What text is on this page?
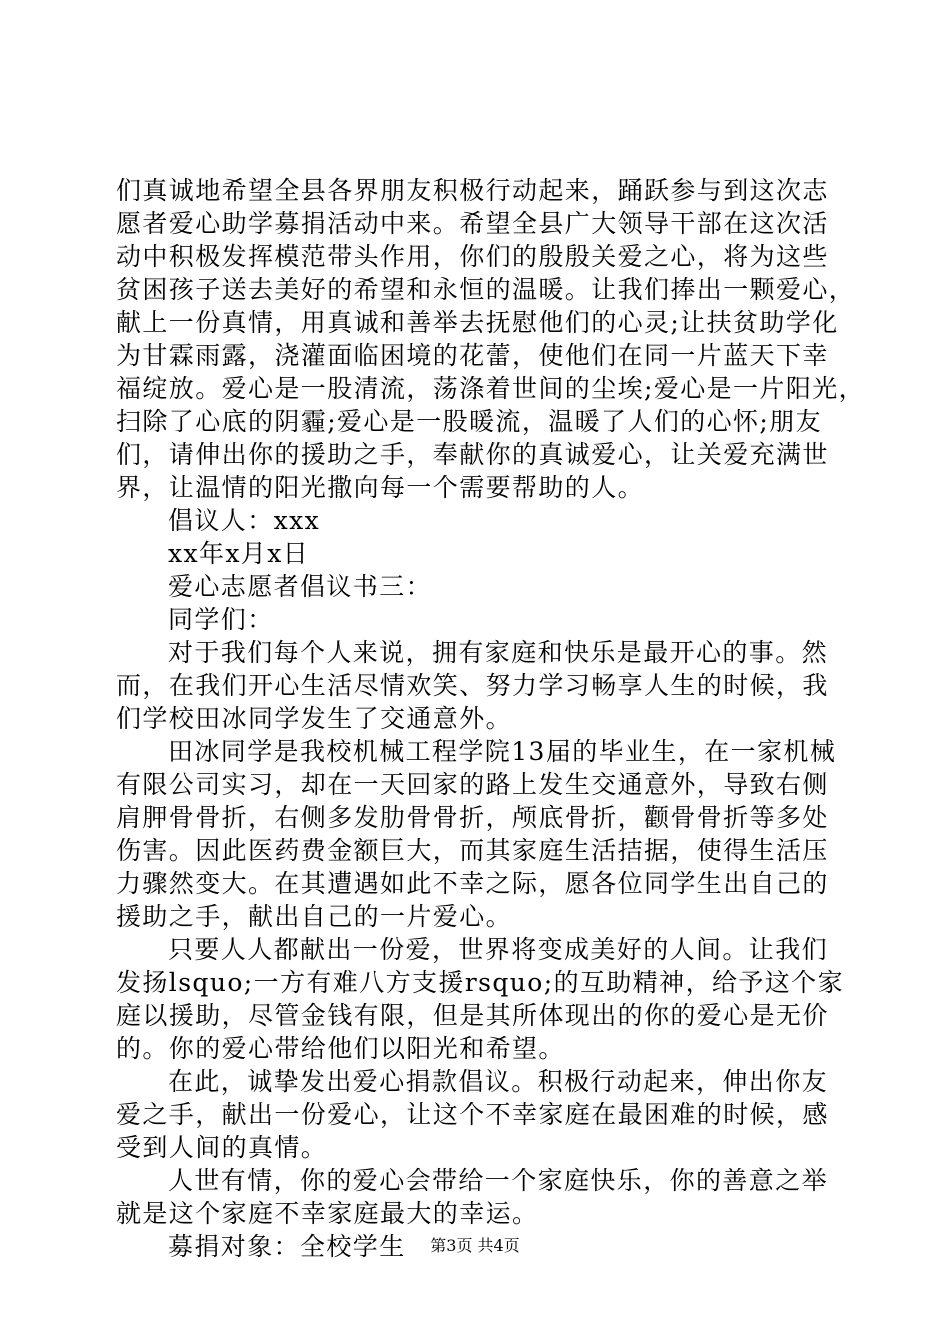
们真诚地希望全县各界朋友积极行动起来，踊跃参与到这次志
愿者爱心助学募捐活动中来。希望全县广大领导干部在这次活
动中积极发挥模范带头作用，你们的殷殷关爱之心，将为这些
贫困孩子送去美好的希望和永恒的温暖。让我们捧出一颗爱心，
献上一份真情，用真诚和善举去抚慰他们的心灵;让扶贫助学化
为甘霖雨露，浇灌面临困境的花蕾，使他们在同一片蓝天下幸
福绽放。爱心是一股清流，荡涤着世间的尘埃;爱心是一片阳光，
扫除了心底的阴霾;爱心是一股暖流，温暖了人们的心怀;朋友
们，请伸出你的援助之手，奉献你的真诚爱心，让关爱充满世
界，让温情的阳光撒向每一个需要帮助的人。
倡议人：xxx
xx年x月x日
爱心志愿者倡议书三：
同学们：
对于我们每个人来说，拥有家庭和快乐是最开心的事。然
而，在我们开心生活尽情欢笑、努力学习畅享人生的时候，我
们学校田冰同学发生了交通意外。
田冰同学是我校机械工程学院13届的毕业生，在一家机械
有限公司实习，却在一天回家的路上发生交通意外，导致右侧
肩胛骨骨折，右侧多发肋骨骨折，颅底骨折，颧骨骨折等多处
伤害。因此医药费金额巨大，而其家庭生活拮据，使得生活压
力骤然变大。在其遭遇如此不幸之际，愿各位同学生出自己的
援助之手，献出自己的一片爱心。
只要人人都献出一份爱，世界将变成美好的人间。让我们
发扬lsquo;一方有难八方支援rsquo;的互助精神，给予这个家
庭以援助，尽管金钱有限，但是其所体现出的你的爱心是无价
的。你的爱心带给他们以阳光和希望。
在此，诚挚发出爱心捐款倡议。积极行动起来，伸出你友
爱之手，献出一份爱心，让这个不幸家庭在最困难的时候，感
受到人间的真情。
人世有情，你的爱心会带给一个家庭快乐，你的善意之举
就是这个家庭不幸家庭最大的幸运。
募捐对象：全校学生	第3页 共4页
